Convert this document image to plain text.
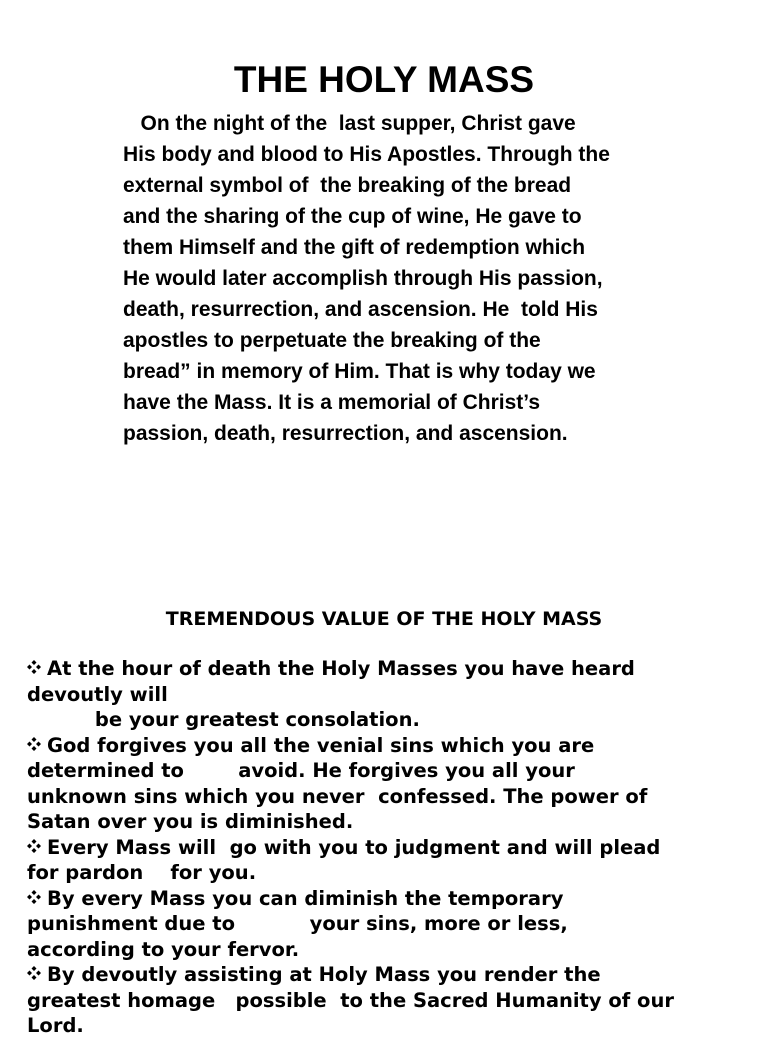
THE HOLY MASS
On the night of the  last supper, Christ gave
His body and blood to His Apostles. Through the
external symbol of  the breaking of the bread
and the sharing of the cup of wine, He gave to
them Himself and the gift of redemption which
He would later accomplish through His passion,
death, resurrection, and ascension. He  told His
apostles to perpetuate the breaking of the
bread” in memory of Him. That is why today we
have the Mass. It is a memorial of Christ’s
passion, death, resurrection, and ascension.
TREMENDOUS VALUE OF THE HOLY MASS
At the hour of death the Holy Masses you have heard
devoutly will
be your greatest consolation.
God forgives you all the venial sins which you are
determined to        avoid. He forgives you all your
unknown sins which you never  confessed. The power of
Satan over you is diminished.
Every Mass will  go with you to judgment and will plead
for pardon    for you.
By every Mass you can diminish the temporary
punishment due to           your sins, more or less,
according to your fervor.
By devoutly assisting at Holy Mass you render the
greatest homage   possible  to the Sacred Humanity of our
Lord.
